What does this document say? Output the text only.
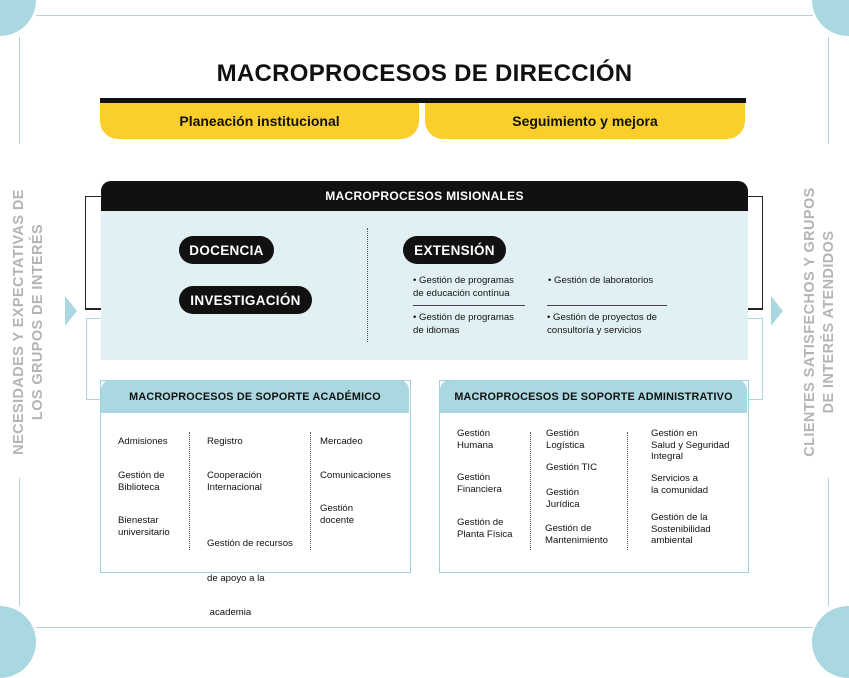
MACROPROCESOS DE DIRECCIÓN
Planeación institucional	Seguimiento y mejora
NECESIDADES Y EXPECTATIVAS DE LOS GRUPOS DE INTERÉS	CLIENTES SATISFECHOS Y GRUPOS DE INTERÉS ATENDIDOS
MACROPROCESOS MISIONALES
DOCENCIA
INVESTIGACIÓN
EXTENSIÓN
• Gestión de programas
de educación contínua
• Gestión de laboratorios
• Gestión de programas
de idiomas
• Gestión de proyectos de
consultoría y servicios
MACROPROCESOS DE SOPORTE ACADÉMICO
Admisiones
Gestión de
Biblioteca
Bienestar
universitario
Registro
Cooperación
Internacional

Gestión de recursos

de apoyo a la

academia

Mercadeo
Comunicaciones
Gestión
docente
MACROPROCESOS DE SOPORTE ADMINISTRATIVO
Gestión
Humana
Gestión
Financiera
Gestión de
Planta Física
Gestión
Logística
Gestión TIC
Gestión
Jurídica
Gestión de
Mantenimiento
Gestión en
Salud y Seguridad
Integral
Servicios a
la comunidad
Gestión de la
Sostenibilidad
ambiental
